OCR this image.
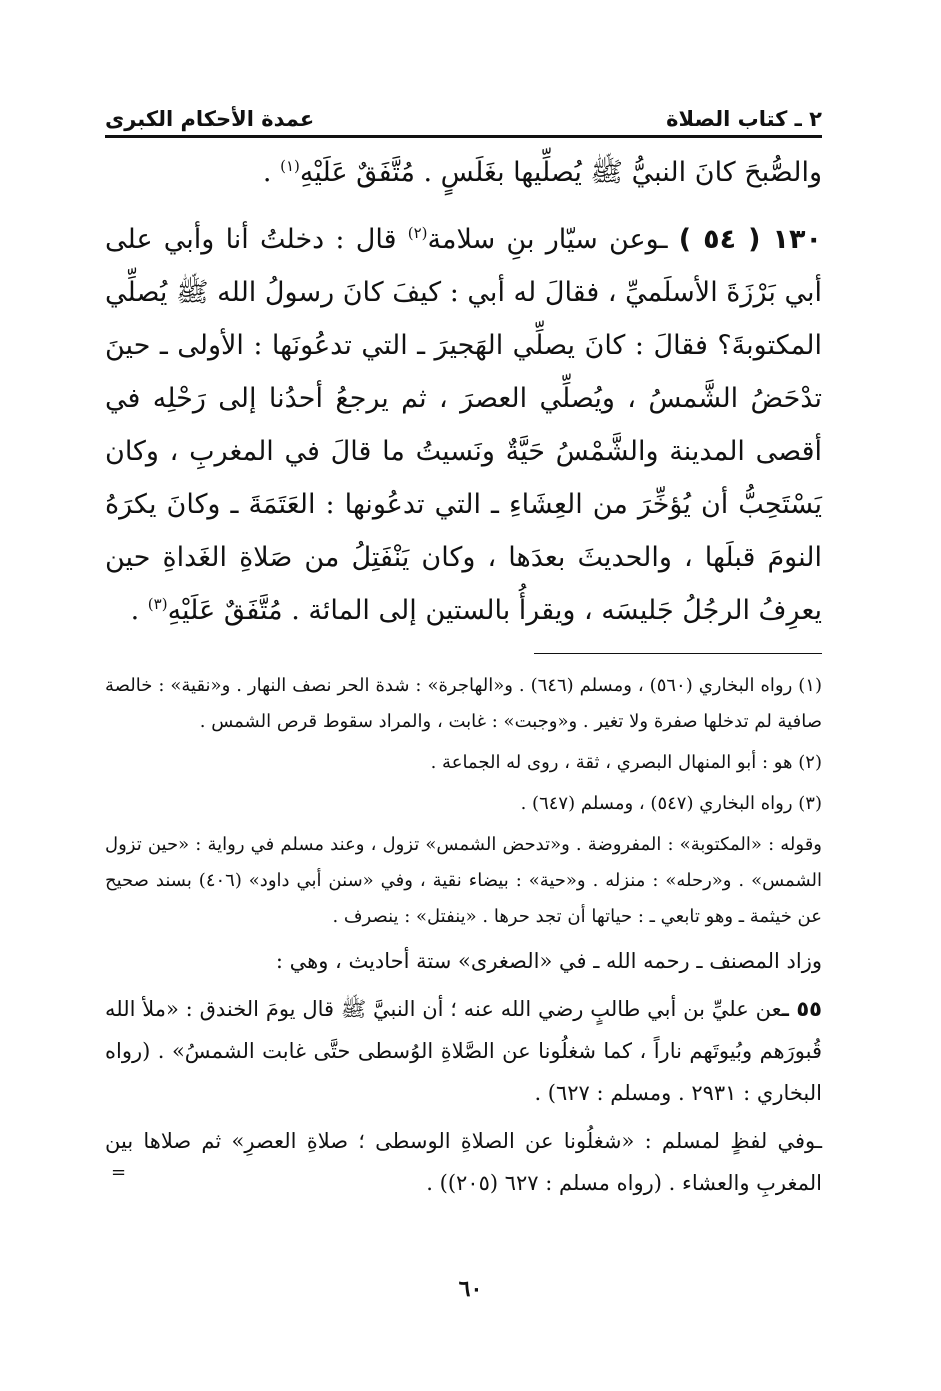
٢ ـ كتاب الصلاة
عمدة الأحكام الكبرى

والصُّبحَ كانَ النبيُّ ﷺ يُصلِّيها بغَلَسٍ . مُتَّفَقٌ عَلَيْهِ$^{(١)}$ .

١٣٠ ( ٥٤ ) ـوعن سيّار بنِ سلامة$^{(٢)}$ قال : دخلتُ أنا وأبي على أبي بَرْزَةَ الأسلَميِّ ، فقالَ له أبي : كيفَ كانَ رسولُ الله ﷺ يُصلِّي المكتوبةَ؟ فقالَ : كانَ يصلِّي الهَجيرَ ـ التي تدعُونَها : الأولى ـ حينَ تدْحَضُ الشَّمسُ ، ويُصلِّي العصرَ ، ثم يرجعُ أحدُنا إلى رَحْلِه في أقصى المدينة والشَّمْسُ حَيَّةٌ ونَسيتُ ما قالَ في المغربِ ، وكان يَسْتَحِبُّ أن يُؤخِّرَ من العِشَاءِ ـ التي تدعُونها : العَتَمَةَ ـ وكانَ يكرَهُ النومَ قبلَها ، والحديثَ بعدَها ، وكان يَنْفَتِلُ من صَلاةِ الغَداةِ حين يعرِفُ الرجُلُ جَليسَه ، ويقرأُ بالستين إلى المائة . مُتَّفَقٌ عَلَيْهِ$^{(٣)}$ .

(١) رواه البخاري (٥٦٠) ، ومسلم (٦٤٦) . و«الهاجرة» : شدة الحر نصف النهار . و«نقية» : خالصة صافية لم تدخلها صفرة ولا تغير . و«وجبت» : غابت ، والمراد سقوط قرص الشمس .

(٢) هو : أبو المنهال البصري ، ثقة ، روى له الجماعة .

(٣) رواه البخاري (٥٤٧) ، ومسلم (٦٤٧) .

وقوله : «المكتوبة» : المفروضة . و«تدحض الشمس» تزول ، وعند مسلم في رواية : «حين تزول الشمس» . و«رحله» : منزله . و«حية» : بيضاء نقية ، وفي «سنن أبي داود» (٤٠٦) بسند صحيح عن خيثمة ـ وهو تابعي ـ : حياتها أن تجد حرها . «ينفتل» : ينصرف .

وزاد المصنف ـ رحمه الله ـ في «الصغرى» ستة أحاديث ، وهي :

٥٥ ـعن عليِّ بن أبي طالبٍ رضي الله عنه ؛ أن النبيَّ ﷺ قال يومَ الخندق : «ملأ الله قُبورَهم وبُيوتَهم ناراً ، كما شغلُونا عن الصَّلاةِ الوُسطى حتَّى غابت الشمسُ» . (رواه البخاري : ٢٩٣١ . ومسلم : ٦٢٧) .

ـوفي لفظٍ لمسلم : «شغلُونا عن الصلاةِ الوسطى ؛ صلاةِ العصرِ» ثم صلاها بين المغربِ والعشاء . (رواه مسلم : ٦٢٧ (٢٠٥)) .
=

٦٠
